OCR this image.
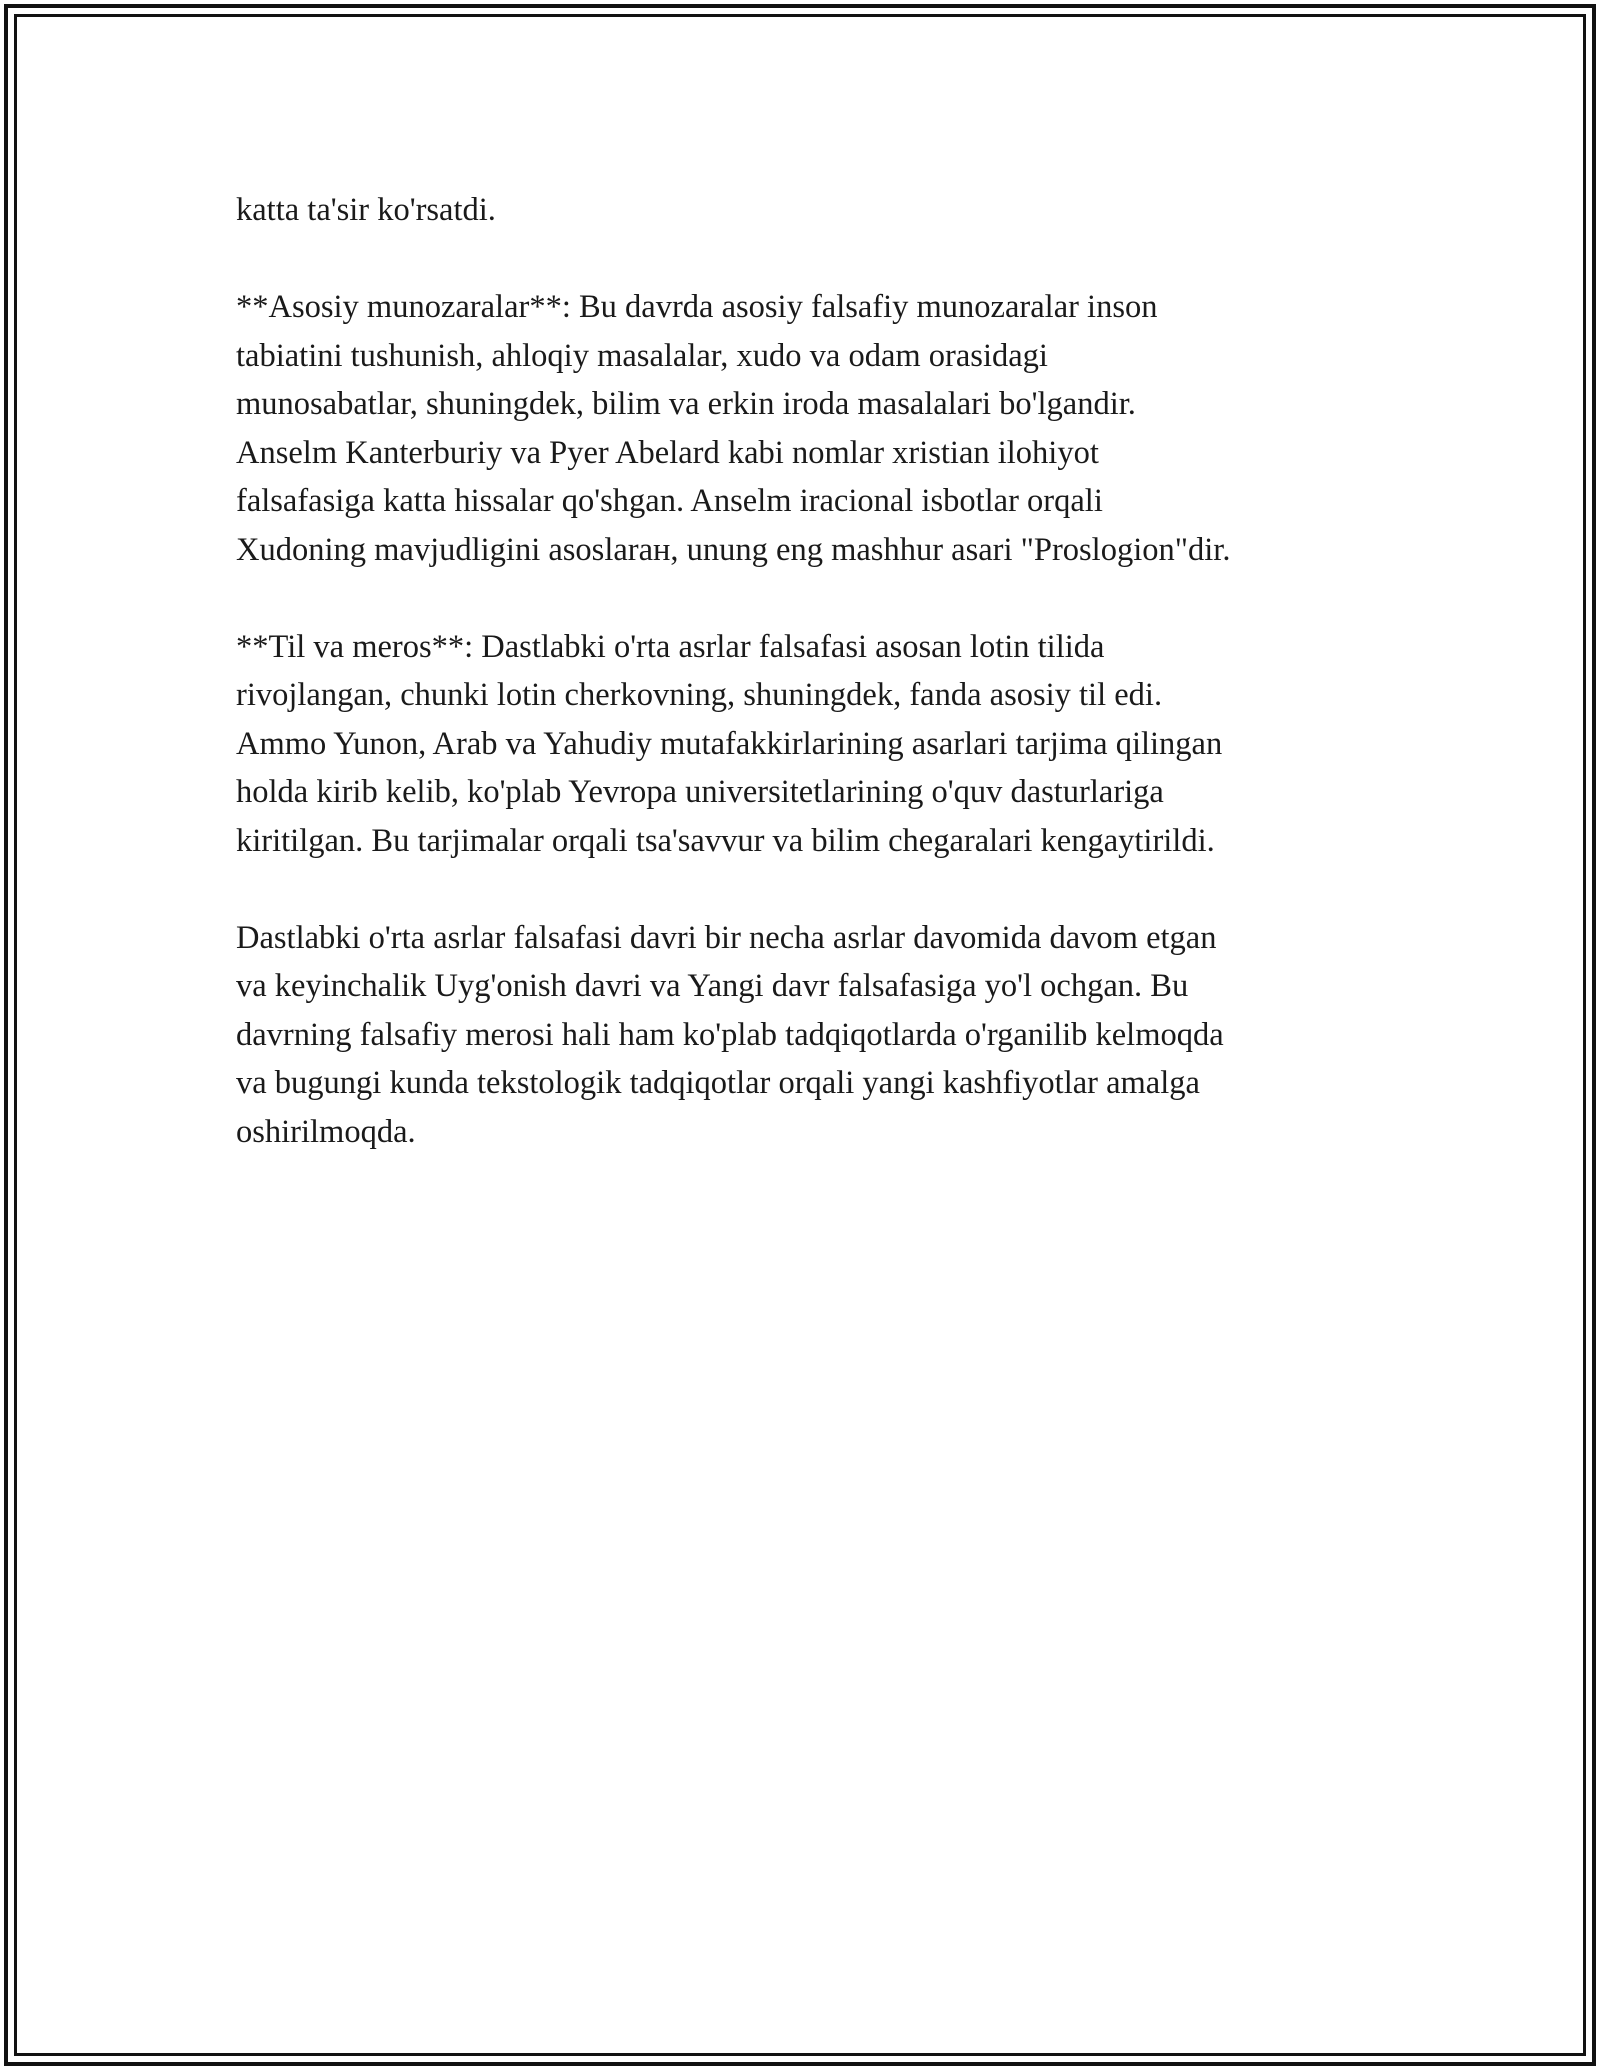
katta ta'sir ko'rsatdi.

**Asosiy munozaralar**: Bu davrda asosiy falsafiy munozaralar inson
tabiatini tushunish, ahloqiy masalalar, xudo va odam orasidagi
munosabatlar, shuningdek, bilim va erkin iroda masalalari bo'lgandir.
Anselm Kanterburiy va Pyer Abelard kabi nomlar xristian ilohiyot
falsafasiga katta hissalar qo'shgan. Anselm iracional isbotlar orqali
Xudoning mavjudligini asoslaraн, unung eng mashhur asari "Proslogion"dir.

**Til va meros**: Dastlabki o'rta asrlar falsafasi asosan lotin tilida
rivojlangan, chunki lotin cherkovning, shuningdek, fanda asosiy til edi.
Ammo Yunon, Arab va Yahudiy mutafakkirlarining asarlari tarjima qilingan
holda kirib kelib, ko'plab Yevropa universitetlarining o'quv dasturlariga
kiritilgan. Bu tarjimalar orqali tsa'savvur va bilim chegaralari kengaytirildi.

Dastlabki o'rta asrlar falsafasi davri bir necha asrlar davomida davom etgan
va keyinchalik Uyg'onish davri va Yangi davr falsafasiga yo'l ochgan. Bu
davrning falsafiy merosi hali ham ko'plab tadqiqotlarda o'rganilib kelmoqda
va bugungi kunda tekstologik tadqiqotlar orqali yangi kashfiyotlar amalga
oshirilmoqda.
